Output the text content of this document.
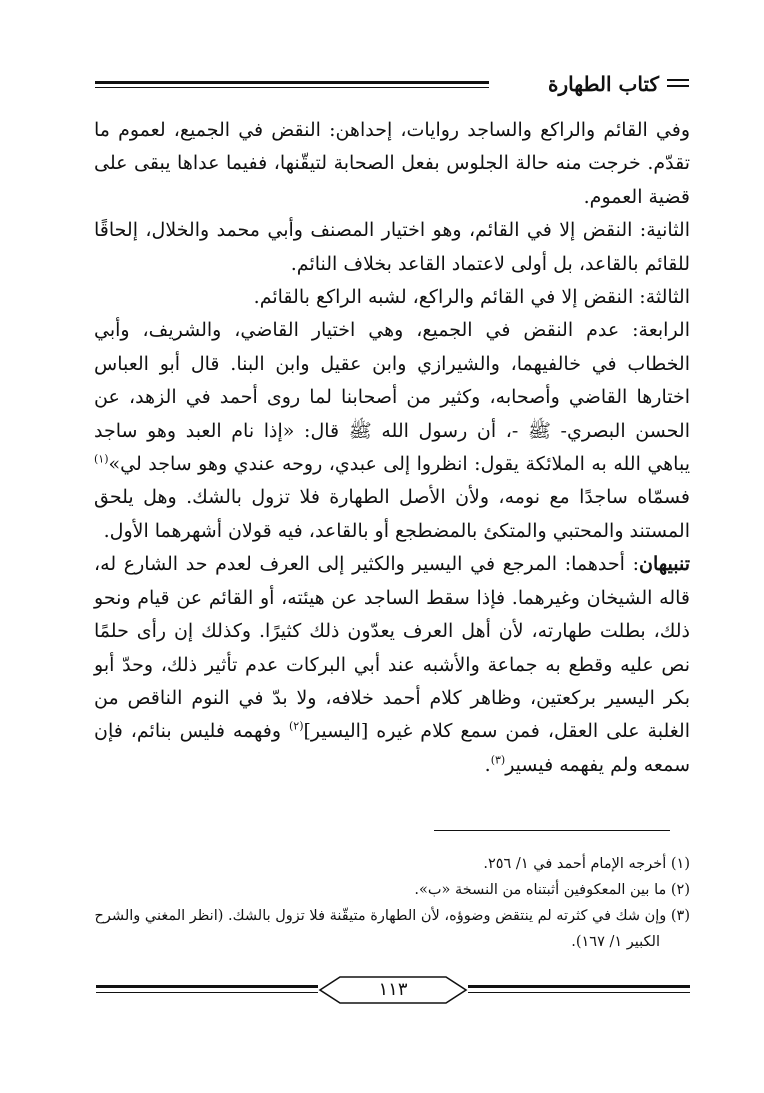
كتاب الطهارة

وفي القائم والراكع والساجد روايات، إحداهن: النقض في الجميع، لعموم ما تقدّم. خرجت منه حالة الجلوس بفعل الصحابة لتيقّنها، ففيما عداها يبقى على قضية العموم.

الثانية: النقض إلا في القائم، وهو اختيار المصنف وأبي محمد والخلال، إلحاقًا للقائم بالقاعد، بل أولى لاعتماد القاعد بخلاف النائم.

الثالثة: النقض إلا في القائم والراكع، لشبه الراكع بالقائم.

الرابعة: عدم النقض في الجميع، وهي اختيار القاضي، والشريف، وأبي الخطاب في خالفيهما، والشيرازي وابن عقيل وابن البنا. قال أبو العباس اختارها القاضي وأصحابه، وكثير من أصحابنا لما روى أحمد في الزهد، عن الحسن البصري- ﷺ -، أن رسول الله ﷺ قال: «إذا نام العبد وهو ساجد يباهي الله به الملائكة يقول: انظروا إلى عبدي، روحه عندي وهو ساجد لي»$^{(١)}$ فسمّاه ساجدًا مع نومه، ولأن الأصل الطهارة فلا تزول بالشك. وهل يلحق المستند والمحتبي والمتكئ بالمضطجع أو بالقاعد، فيه قولان أشهرهما الأول.

تنبيهان: أحدهما: المرجع في اليسير والكثير إلى العرف لعدم حد الشارع له، قاله الشيخان وغيرهما. فإذا سقط الساجد عن هيئته، أو القائم عن قيام ونحو ذلك، بطلت طهارته، لأن أهل العرف يعدّون ذلك كثيرًا. وكذلك إن رأى حلمًا نص عليه وقطع به جماعة والأشبه عند أبي البركات عدم تأثير ذلك، وحدّ أبو بكر اليسير بركعتين، وظاهر كلام أحمد خلافه، ولا بدّ في النوم الناقص من الغلبة على العقل، فمن سمع كلام غيره [اليسير]$^{(٢)}$ وفهمه فليس بنائم، فإن سمعه ولم يفهمه فيسير$^{(٣)}$.

(١) أخرجه الإمام أحمد في ١/ ٢٥٦.

(٢) ما بين المعكوفين أثبتناه من النسخة «ب».

(٣) وإن شك في كثرته لم ينتقض وضوؤه، لأن الطهارة متيقّنة فلا تزول بالشك. (انظر المغني والشرح

الكبير ١/ ١٦٧).

١١٣
